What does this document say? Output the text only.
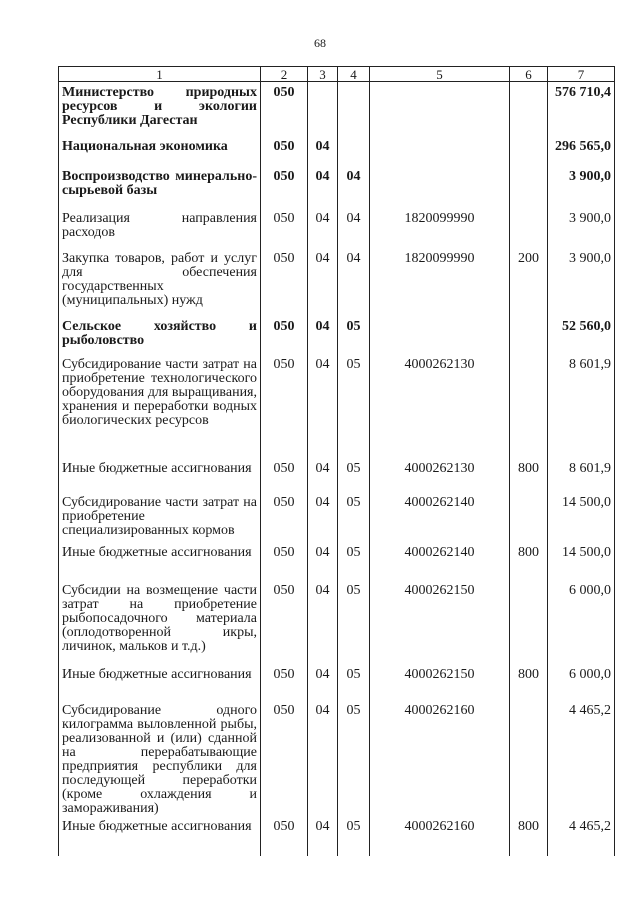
68
1	2	3	4	5	6	7
Министерство природных ресурсов и экологии Республики Дагестан	050					576 710,4
Национальная экономика	050	04				296 565,0
Воспроизводство минерально-сырьевой базы	050	04	04			3 900,0
Реализация направления расходов	050	04	04	1820099990		3 900,0
Закупка товаров, работ и услуг для обеспечения государственных (муниципальных) нужд	050	04	04	1820099990	200	3 900,0
Сельское хозяйство и рыболовство	050	04	05			52 560,0
Субсидирование части затрат на приобретение технологического оборудования для выращивания, хранения и переработки водных биологических ресурсов	050	04	05	4000262130		8 601,9
Иные бюджетные ассигнования	050	04	05	4000262130	800	8 601,9
Субсидирование части затрат на приобретение специализированных кормов	050	04	05	4000262140		14 500,0
Иные бюджетные ассигнования	050	04	05	4000262140	800	14 500,0
Субсидии на возмещение части затрат на приобретение рыбопосадочного материала (оплодотворенной икры, личинок, мальков и т.д.)	050	04	05	4000262150		6 000,0
Иные бюджетные ассигнования	050	04	05	4000262150	800	6 000,0
Субсидирование одного килограмма выловленной рыбы, реализованной и (или) сданной на перерабатывающие предприятия республики для последующей переработки (кроме охлаждения и замораживания)	050	04	05	4000262160		4 465,2
Иные бюджетные ассигнования	050	04	05	4000262160	800	4 465,2
